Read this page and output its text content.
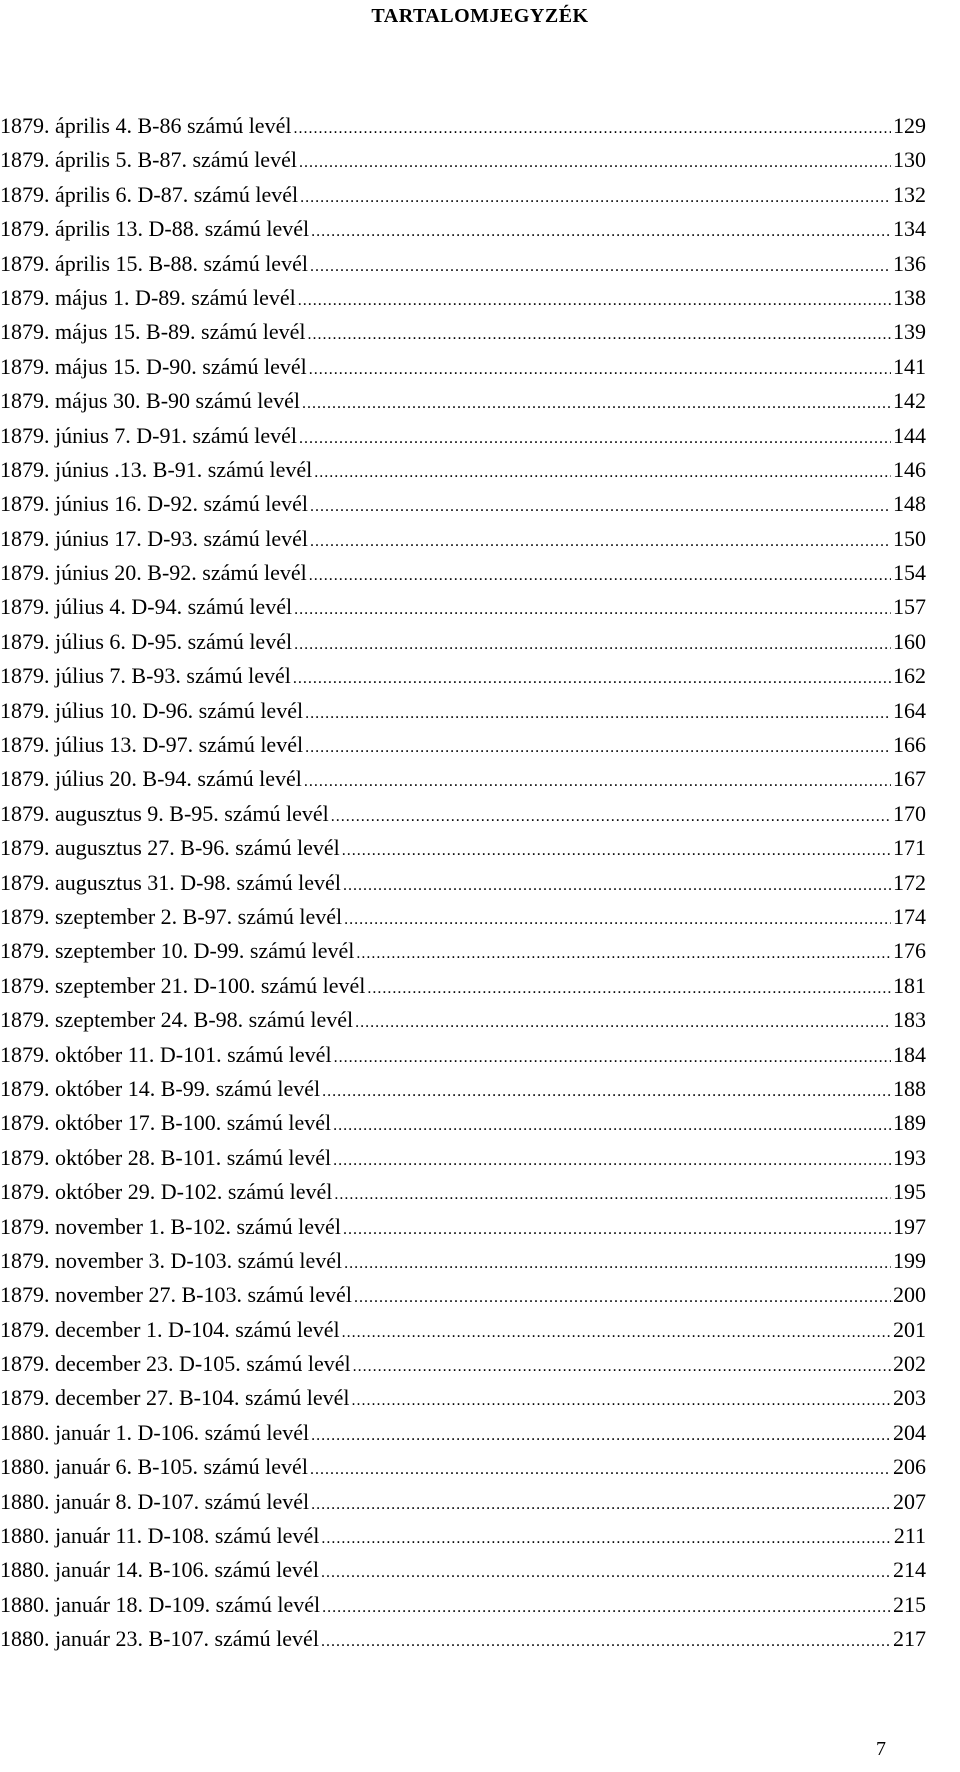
TARTALOMJEGYZÉK
1879. április 4. B-86 számú levél .....	129
1879. április 5. B-87. számú levél .....	130
1879. április 6. D-87. számú levél .....	132
1879. április 13. D-88. számú levél .....	134
1879. április 15. B-88. számú levél .....	136
1879. május 1. D-89. számú levél .....	138
1879. május 15. B-89. számú levél .....	139
1879. május 15. D-90. számú levél .....	141
1879. május 30. B-90 számú levél .....	142
1879. június 7. D-91. számú levél .....	144
1879. június .13. B-91. számú levél .....	146
1879. június 16. D-92. számú levél .....	148
1879. június 17. D-93. számú levél .....	150
1879. június 20. B-92. számú levél .....	154
1879. július 4. D-94. számú levél .....	157
1879. július 6. D-95. számú levél .....	160
1879. július 7. B-93. számú levél .....	162
1879. július 10. D-96. számú levél .....	164
1879. július 13. D-97. számú levél .....	166
1879. július 20. B-94. számú levél .....	167
1879. augusztus 9. B-95. számú levél .....	170
1879. augusztus 27. B-96. számú levél .....	171
1879. augusztus 31. D-98. számú levél .....	172
1879. szeptember 2. B-97. számú levél .....	174
1879. szeptember 10. D-99. számú levél .....	176
1879. szeptember 21. D-100. számú levél .....	181
1879. szeptember 24. B-98. számú levél .....	183
1879. október 11. D-101. számú levél .....	184
1879. október 14. B-99. számú levél .....	188
1879. október 17. B-100. számú levél .....	189
1879. október 28. B-101. számú levél .....	193
1879. október 29. D-102. számú levél .....	195
1879. november 1. B-102. számú levél .....	197
1879. november 3. D-103. számú levél .....	199
1879. november 27. B-103. számú levél .....	200
1879. december 1. D-104. számú levél .....	201
1879. december 23. D-105. számú levél .....	202
1879. december 27. B-104. számú levél .....	203
1880. január 1. D-106. számú levél .....	204
1880. január 6. B-105. számú levél .....	206
1880. január 8. D-107. számú levél .....	207
1880. január 11. D-108. számú levél .....	211
1880. január 14. B-106. számú levél .....	214
1880. január 18. D-109. számú levél .....	215
1880. január 23. B-107. számú levél .....	217
7
